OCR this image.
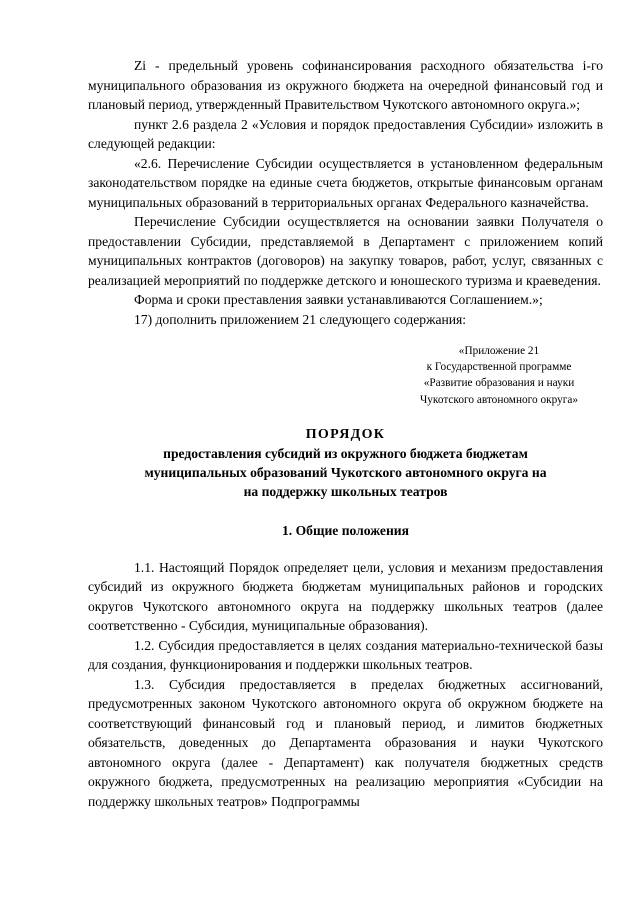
Zi - предельный уровень софинансирования расходного обязательства i-го муниципального образования из окружного бюджета на очередной финансовый год и плановый период, утвержденный Правительством Чукотского автономного округа.»;

пункт 2.6 раздела 2 «Условия и порядок предоставления Субсидии» изложить в следующей редакции:

«2.6. Перечисление Субсидии осуществляется в установленном федеральным законодательством порядке на единые счета бюджетов, открытые финансовым органам муниципальных образований в территориальных органах Федерального казначейства.

Перечисление Субсидии осуществляется на основании заявки Получателя о предоставлении Субсидии, представляемой в Департамент с приложением копий муниципальных контрактов (договоров) на закупку товаров, работ, услуг, связанных с реализацией мероприятий по поддержке детского и юношеского туризма и краеведения.

Форма и сроки преставления заявки устанавливаются Соглашением.»;

17) дополнить приложением 21 следующего содержания:

«Приложение 21
к Государственной программе
«Развитие образования и науки
Чукотского автономного округа»
ПОРЯДОК
предоставления субсидий из окружного бюджета бюджетам
муниципальных образований Чукотского автономного округа на
на поддержку школьных театров
1. Общие положения

1.1. Настоящий Порядок определяет цели, условия и механизм предоставления субсидий из окружного бюджета бюджетам муниципальных районов и городских округов Чукотского автономного округа на поддержку школьных театров (далее соответственно - Субсидия, муниципальные образования).

1.2. Субсидия предоставляется в целях создания материально-технической базы для создания, функционирования и поддержки школьных театров.

1.3. Субсидия предоставляется в пределах бюджетных ассигнований, предусмотренных законом Чукотского автономного округа об окружном бюджете на соответствующий финансовый год и плановый период, и лимитов бюджетных обязательств, доведенных до Департамента образования и науки Чукотского автономного округа (далее - Департамент) как получателя бюджетных средств окружного бюджета, предусмотренных на реализацию мероприятия «Субсидии на поддержку школьных театров» Подпрограммы
